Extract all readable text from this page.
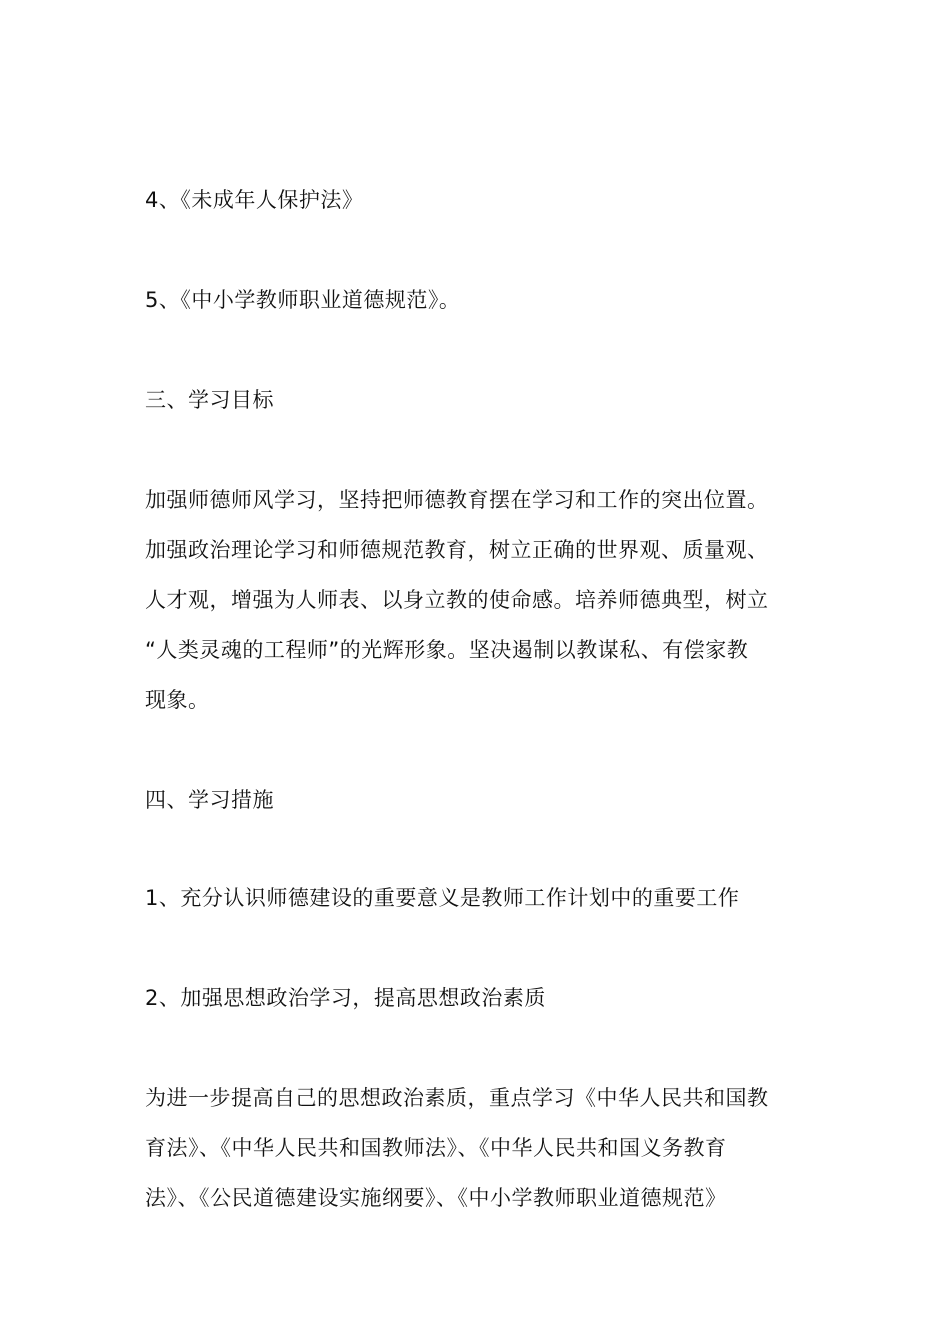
4、《未成年人保护法》
5、《中小学教师职业道德规范》。
三、学习目标
加强师德师风学习，坚持把师德教育摆在学习和工作的突出位置。
加强政治理论学习和师德规范教育，树立正确的世界观、质量观、
人才观，增强为人师表、以身立教的使命感。培养师德典型，树立
“人类灵魂的工程师”的光辉形象。坚决遏制以教谋私、有偿家教
现象。
四、学习措施
1、充分认识师德建设的重要意义是教师工作计划中的重要工作
2、加强思想政治学习，提高思想政治素质
为进一步提高自己的思想政治素质，重点学习《中华人民共和国教
育法》、《中华人民共和国教师法》、《中华人民共和国义务教育
法》、《公民道德建设实施纲要》、《中小学教师职业道德规范》
